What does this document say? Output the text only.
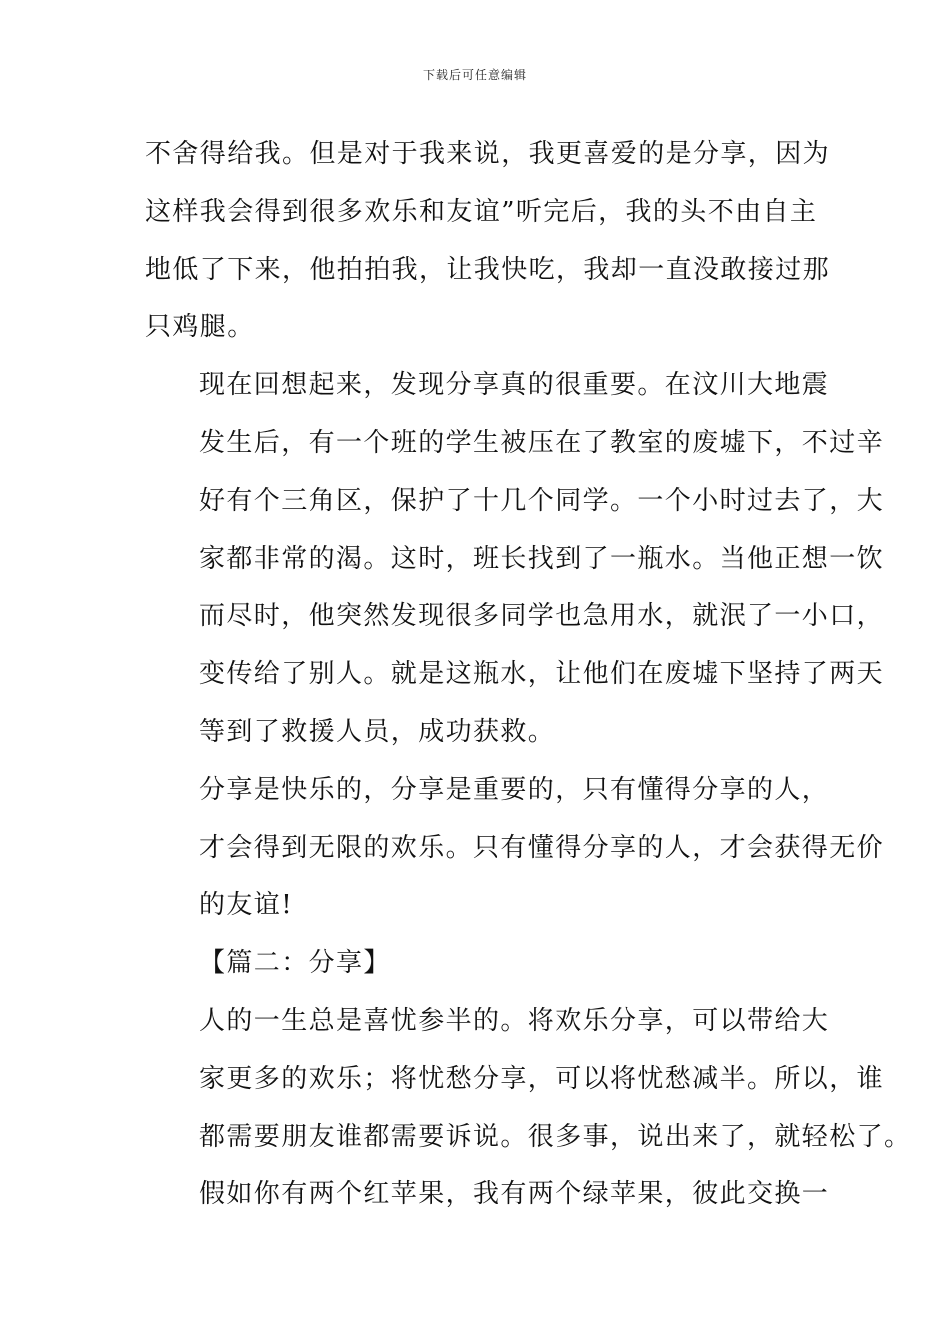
下载后可任意编辑

不舍得给我。但是对于我来说，我更喜爱的是分享，因为
这样我会得到很多欢乐和友谊”听完后，我的头不由自主
地低了下来，他拍拍我，让我快吃，我却一直没敢接过那
只鸡腿。

现在回想起来，发现分享真的很重要。在汶川大地震
发生后，有一个班的学生被压在了教室的废墟下，不过辛
好有个三角区，保护了十几个同学。一个小时过去了，大
家都非常的渴。这时，班长找到了一瓶水。当他正想一饮
而尽时，他突然发现很多同学也急用水，就泯了一小口，
变传给了别人。就是这瓶水，让他们在废墟下坚持了两天
等到了救援人员，成功获救。

分享是快乐的，分享是重要的，只有懂得分享的人，
才会得到无限的欢乐。只有懂得分享的人，才会获得无价
的友谊!

【篇二：分享】

人的一生总是喜忧参半的。将欢乐分享，可以带给大
家更多的欢乐；将忧愁分享，可以将忧愁减半。所以，谁
都需要朋友谁都需要诉说。很多事，说出来了，就轻松了。

假如你有两个红苹果，我有两个绿苹果，彼此交换一
